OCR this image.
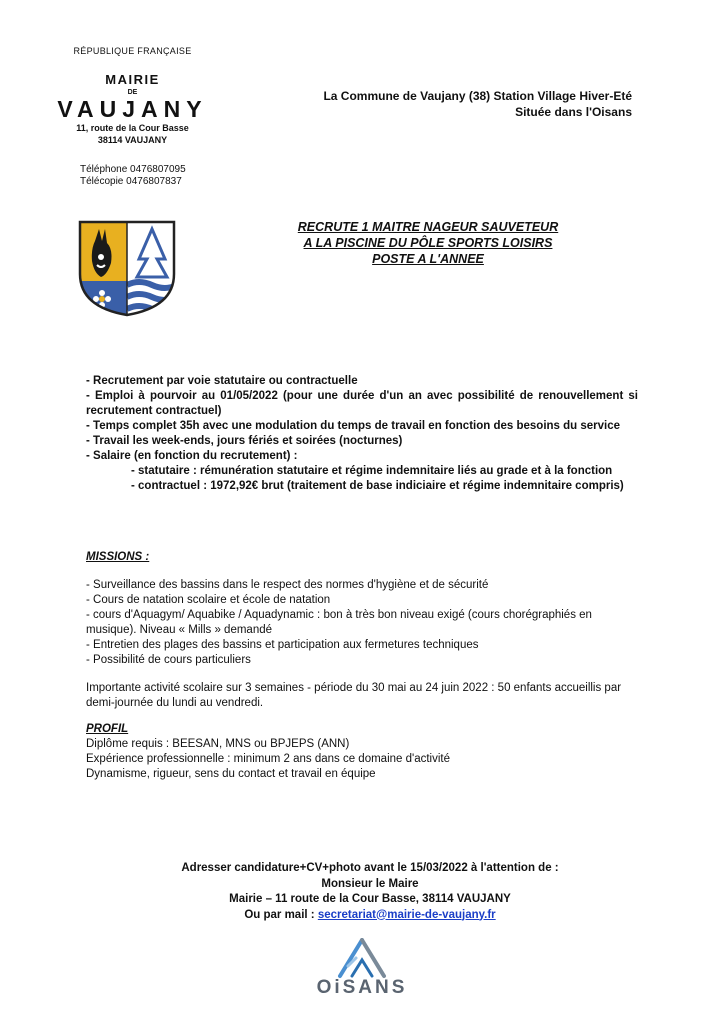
RÉPUBLIQUE FRANÇAISE
MAIRIE
DE
VAUJANY
11, route de la Cour Basse
38114 VAUJANY
Téléphone 0476807095
Télécopie 0476807837
La Commune de Vaujany (38) Station Village Hiver-Eté
Située dans l'Oisans
RECRUTE 1 MAITRE NAGEUR SAUVETEUR
A LA PISCINE DU PÔLE SPORTS LOISIRS
POSTE A L'ANNEE
- Recrutement par voie statutaire ou contractuelle
- Emploi à pourvoir au 01/05/2022 (pour une durée d'un an avec possibilité de renouvellement si recrutement contractuel)
- Temps complet 35h avec une modulation du temps de travail en fonction des besoins du service
- Travail les week-ends, jours fériés et soirées (nocturnes)
- Salaire (en fonction du recrutement) :
- statutaire : rémunération statutaire et régime indemnitaire liés au grade et à la fonction
- contractuel : 1972,92€ brut (traitement de base indiciaire et régime indemnitaire compris)
MISSIONS :
- Surveillance des bassins dans le respect des normes d'hygiène et de sécurité
- Cours de natation scolaire et école de natation
- cours d'Aquagym/ Aquabike / Aquadynamic : bon à très bon niveau exigé (cours chorégraphiés en musique). Niveau « Mills » demandé
- Entretien des plages des bassins et participation aux fermetures techniques
- Possibilité de cours particuliers
Importante activité scolaire sur 3 semaines - période du 30 mai au 24 juin 2022 : 50 enfants accueillis par demi-journée du lundi au vendredi.
PROFIL
Diplôme requis : BEESAN, MNS ou BPJEPS (ANN)
Expérience professionnelle : minimum 2 ans dans ce domaine d'activité
Dynamisme, rigueur, sens du contact et travail en équipe
Adresser candidature+CV+photo avant le 15/03/2022 à l'attention de :
Monsieur le Maire
Mairie – 11 route de la Cour Basse, 38114 VAUJANY
Ou par mail : secretariat@mairie-de-vaujany.fr
OiSANS
